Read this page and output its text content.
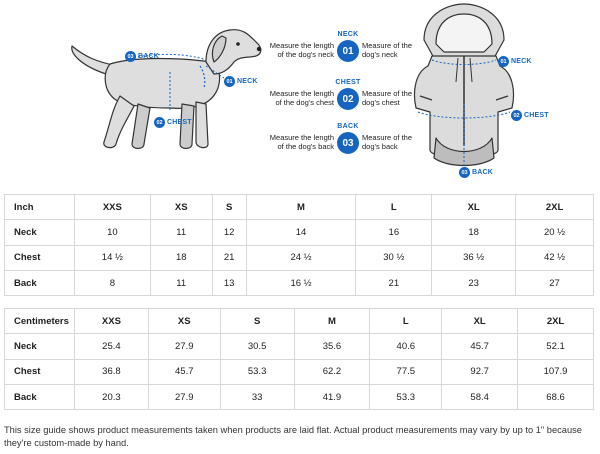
03 BACK
01 NECK
02 CHEST
01 NECK
02 CHEST
03 BACK
Measure the length of the dog's neck
NECK
01	Measure of the dog's neck
Measure the length of the dog's chest
CHEST
02	Measure of the dog's chest
Measure the length of the dog's back
BACK
03	Measure of the dog's back
Inch	XXS	XS	S	M	L	XL	2XL
Neck	10	11	12	14	16	18	20 ½
Chest	14 ½	18	21	24 ½	30 ½	36 ½	42 ½
Back	8	11	13	16 ½	21	23	27
Centimeters	XXS	XS	S	M	L	XL	2XL
Neck	25.4	27.9	30.5	35.6	40.6	45.7	52.1
Chest	36.8	45.7	53.3	62.2	77.5	92.7	107.9
Back	20.3	27.9	33	41.9	53.3	58.4	68.6

This size guide shows product measurements taken when products are laid flat. Actual product measurements may vary by up to 1" because they're custom-made by hand.
